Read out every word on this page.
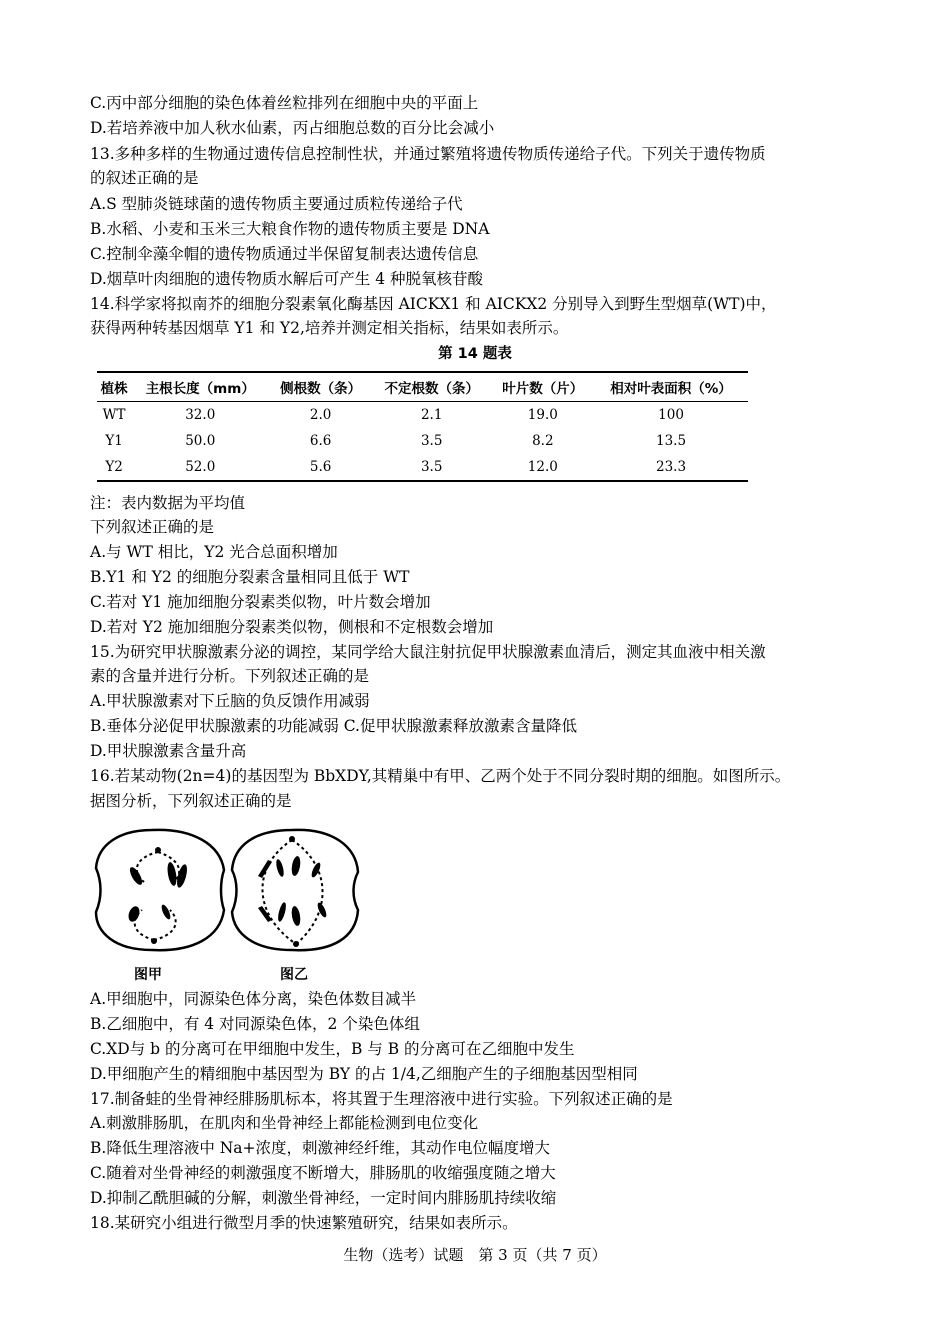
C.丙中部分细胞的染色体着丝粒排列在细胞中央的平面上
D.若培养液中加人秋水仙素，丙占细胞总数的百分比会减小
13.多种多样的生物通过遗传信息控制性状，并通过繁殖将遗传物质传递给子代。下列关于遗传物质
的叙述正确的是
A.S 型肺炎链球菌的遗传物质主要通过质粒传递给子代
B.水稻、小麦和玉米三大粮食作物的遗传物质主要是 DNA
C.控制伞藻伞帽的遗传物质通过半保留复制表达遗传信息
D.烟草叶肉细胞的遗传物质水解后可产生 4 种脱氧核苷酸
14.科学家将拟南芥的细胞分裂素氧化酶基因 AICKX1 和 AICKX2 分别导入到野生型烟草(WT)中，
获得两种转基因烟草 Y1 和 Y2,培养并测定相关指标，结果如表所示。
第 14 题表
植株	主根长度（mm）	侧根数（条）	不定根数（条）	叶片数（片）	相对叶表面积（%）
WT	32.0	2.0	2.1	19.0	100
Y1	50.0	6.6	3.5	8.2	13.5
Y2	52.0	5.6	3.5	12.0	23.3
注：表内数据为平均值
下列叙述正确的是
A.与 WT 相比，Y2 光合总面积增加
B.Y1 和 Y2 的细胞分裂素含量相同且低于 WT
C.若对 Y1 施加细胞分裂素类似物，叶片数会增加
D.若对 Y2 施加细胞分裂素类似物，侧根和不定根数会增加
15.为研究甲状腺激素分泌的调控，某同学给大鼠注射抗促甲状腺激素血清后，测定其血液中相关激
素的含量并进行分析。下列叙述正确的是
A.甲状腺激素对下丘脑的负反馈作用减弱
B.垂体分泌促甲状腺激素的功能减弱 C.促甲状腺激素释放激素含量降低
D.甲状腺激素含量升高
16.若某动物(2n=4)的基因型为 BbXDY,其精巢中有甲、乙两个处于不同分裂时期的细胞。如图所示。
据图分析，下列叙述正确的是
图甲	图乙
A.甲细胞中，同源染色体分离，染色体数目减半
B.乙细胞中，有 4 对同源染色体，2 个染色体组
C.XD与 b 的分离可在甲细胞中发生，B 与 B 的分离可在乙细胞中发生
D.甲细胞产生的精细胞中基因型为 BY 的占 1/4,乙细胞产生的子细胞基因型相同
17.制备蛙的坐骨神经腓肠肌标本，将其置于生理溶液中进行实验。下列叙述正确的是
A.刺激腓肠肌，在肌肉和坐骨神经上都能检测到电位变化
B.降低生理溶液中 Na+浓度，刺激神经纤维，其动作电位幅度增大
C.随着对坐骨神经的刺激强度不断增大，腓肠肌的收缩强度随之增大
D.抑制乙酰胆碱的分解，刺激坐骨神经，一定时间内腓肠肌持续收缩
18.某研究小组进行微型月季的快速繁殖研究，结果如表所示。
生物（选考）试题　第 3 页（共 7 页）
